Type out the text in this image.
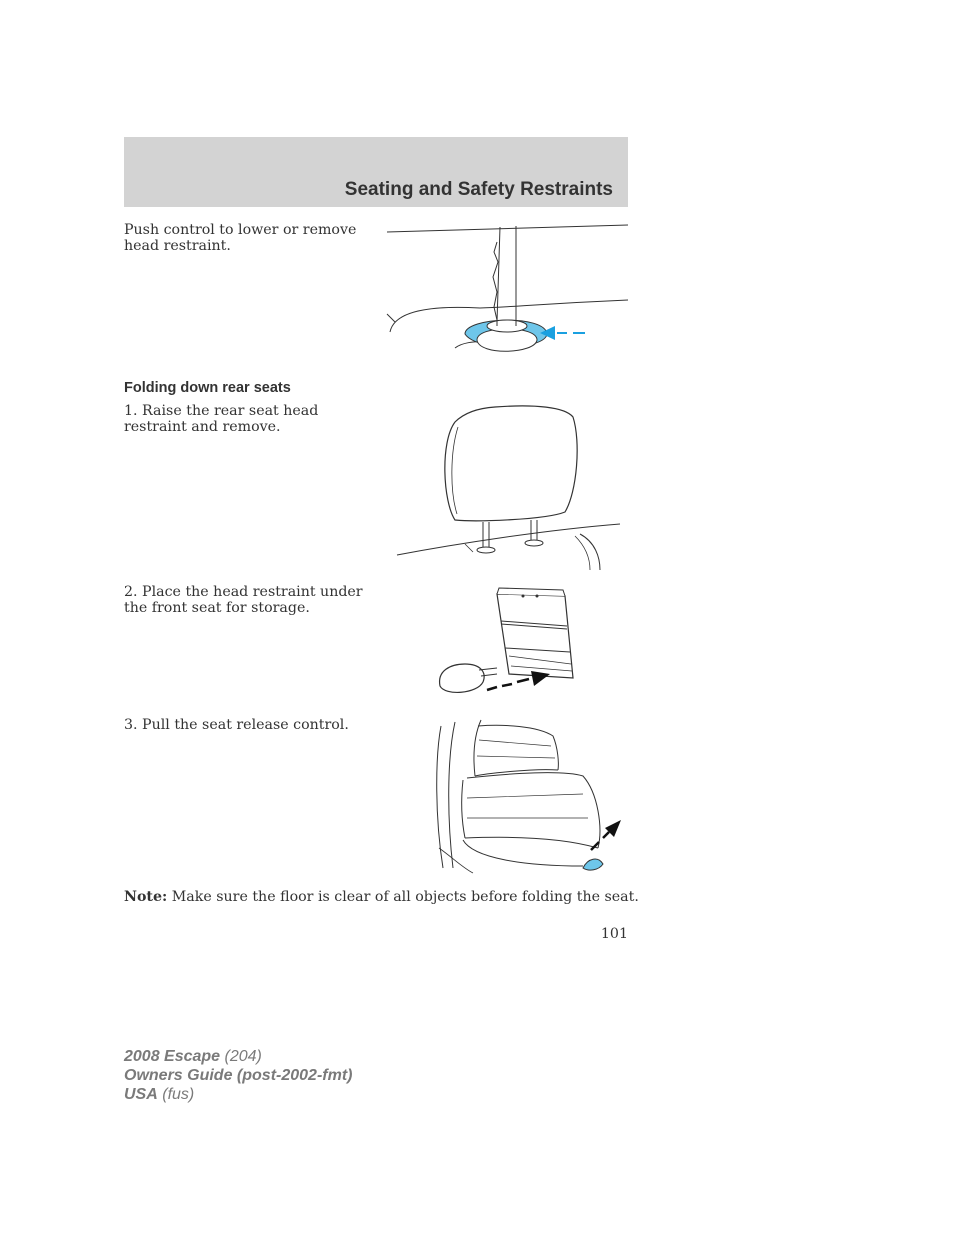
Seating and Safety Restraints
Push control to lower or remove head restraint.
Folding down rear seats
1. Raise the rear seat head restraint and remove.
2. Place the head restraint under the front seat for storage.
3. Pull the seat release control.
Note: Make sure the floor is clear of all objects before folding the seat.
101
2008 Escape (204)
Owners Guide (post-2002-fmt)
USA (fus)
